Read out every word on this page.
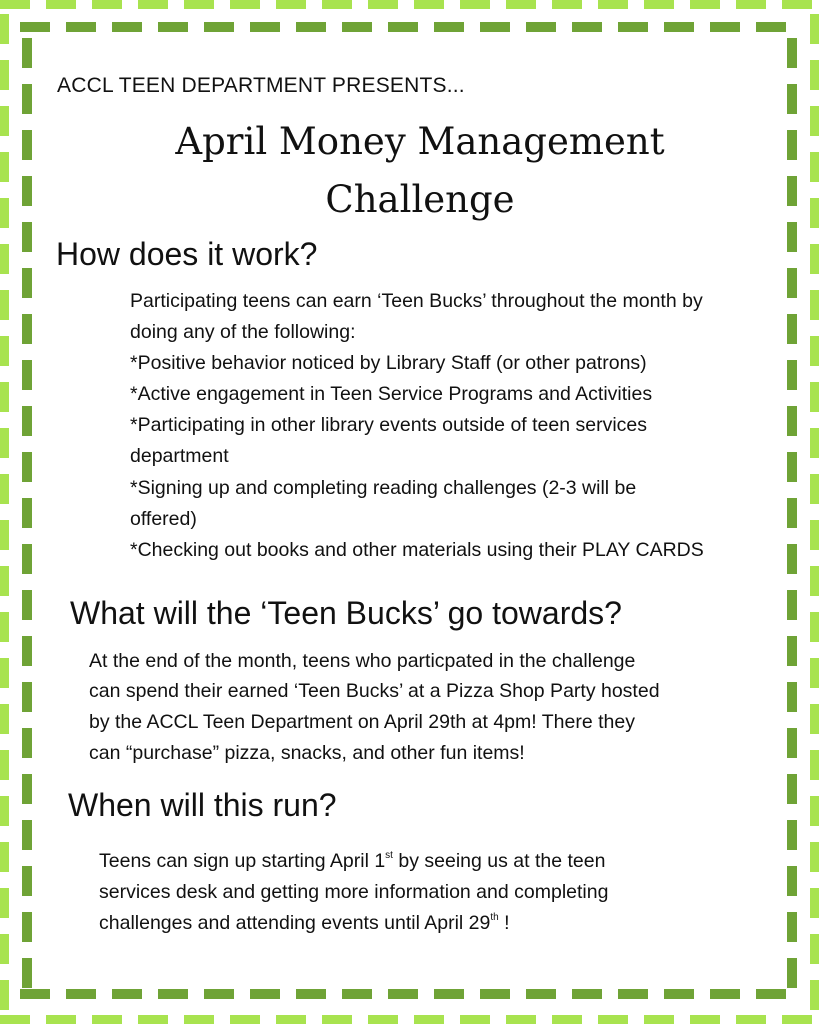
ACCL TEEN DEPARTMENT PRESENTS...
April Money Management
Challenge
How does it work?
Participating teens can earn ‘Teen Bucks’ throughout the month by
doing any of the following:
*Positive behavior noticed by Library Staff (or other patrons)
*Active engagement in Teen Service Programs and Activities
*Participating in other library events outside of teen services
department
*Signing up and completing reading challenges (2-3 will be
offered)
*Checking out books and other materials using their PLAY CARDS
What will the ‘Teen Bucks’ go towards?
At the end of the month, teens who particpated in the challenge
can spend their earned ‘Teen Bucks’ at a Pizza Shop Party hosted
by the ACCL Teen Department on April 29th at 4pm! There they
can “purchase” pizza, snacks, and other fun items!
When will this run?
Teens can sign up starting April 1st by seeing us at the teen
services desk and getting more information and completing
challenges and attending events until April 29th !
